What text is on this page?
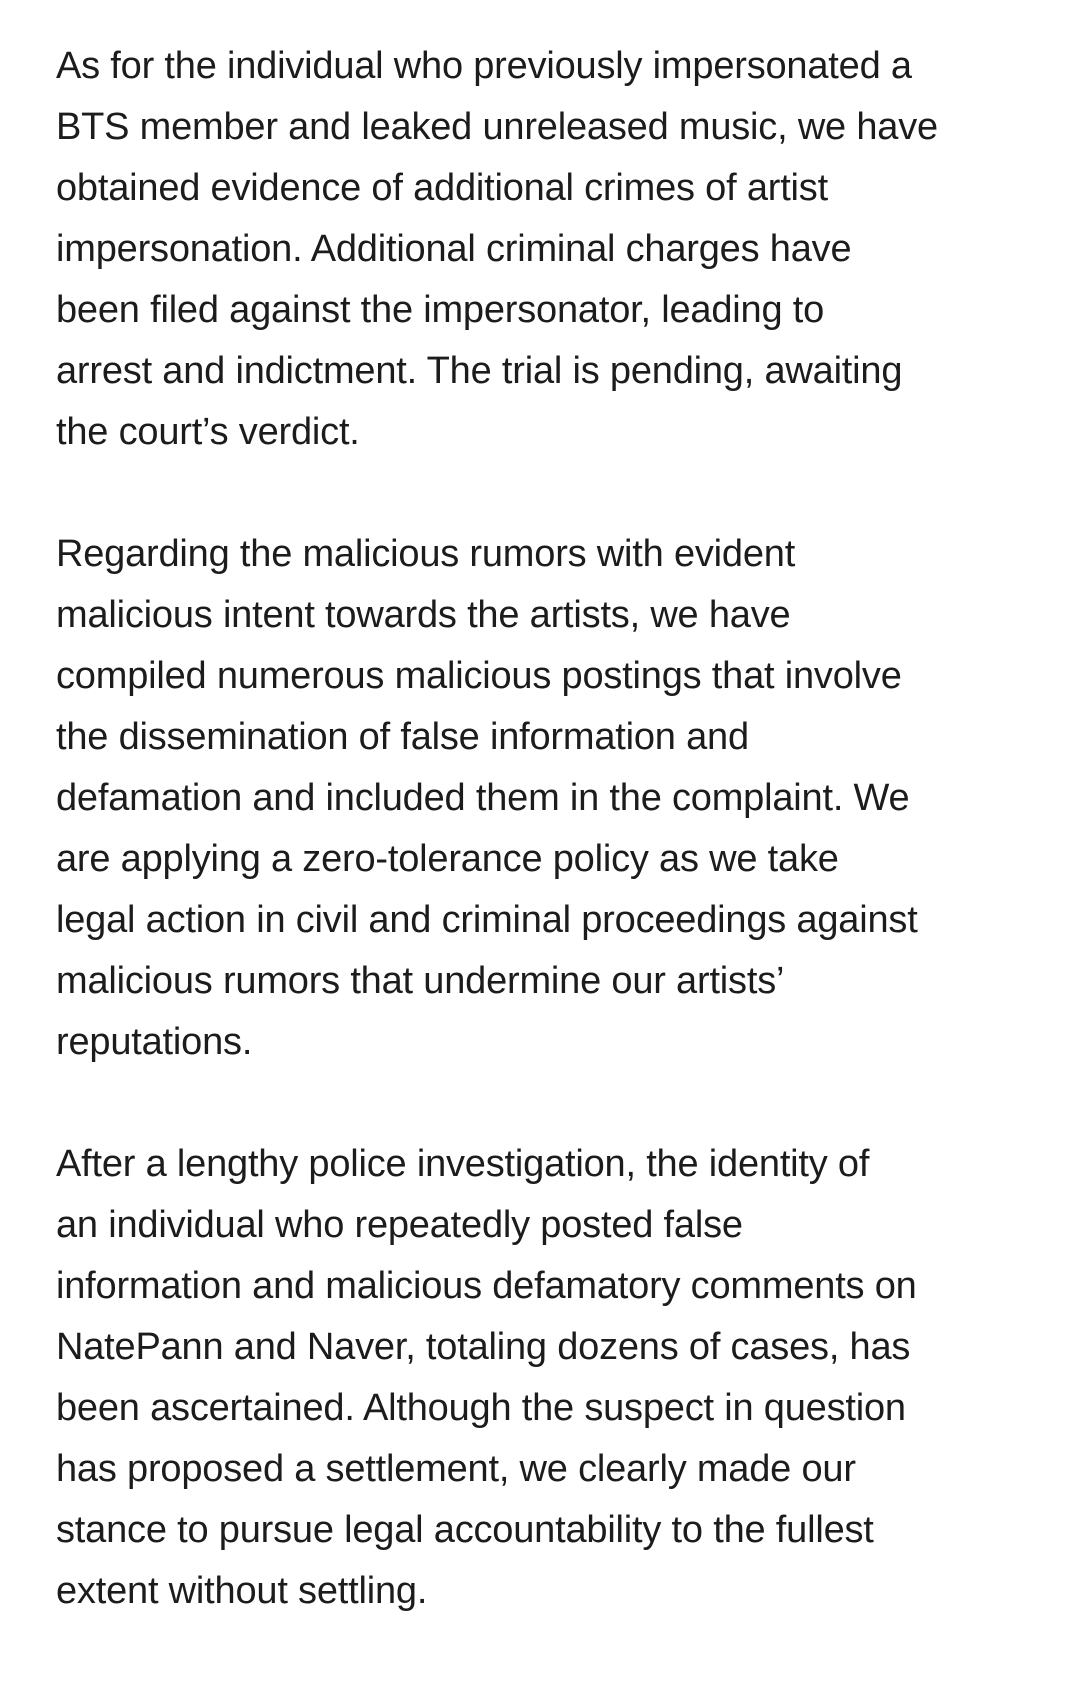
As for the individual who previously impersonated a
BTS member and leaked unreleased music, we have
obtained evidence of additional crimes of artist
impersonation. Additional criminal charges have
been filed against the impersonator, leading to
arrest and indictment. The trial is pending, awaiting
the court’s verdict.

Regarding the malicious rumors with evident
malicious intent towards the artists, we have
compiled numerous malicious postings that involve
the dissemination of false information and
defamation and included them in the complaint. We
are applying a zero-tolerance policy as we take
legal action in civil and criminal proceedings against
malicious rumors that undermine our artists’
reputations.

After a lengthy police investigation, the identity of
an individual who repeatedly posted false
information and malicious defamatory comments on
NatePann and Naver, totaling dozens of cases, has
been ascertained. Although the suspect in question
has proposed a settlement, we clearly made our
stance to pursue legal accountability to the fullest
extent without settling.
